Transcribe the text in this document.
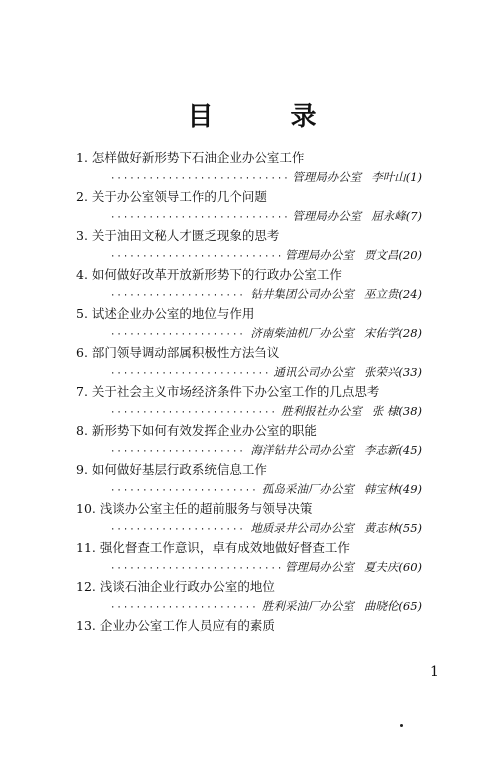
目 录
1. 怎样做好新形势下石油企业办公室工作
·····
管理局办公室 李叶山(1)
2. 关于办公室领导工作的几个问题
·····
管理局办公室 屈永峰(7)
3. 关于油田文秘人才匮乏现象的思考
·····
管理局办公室 贾文昌(20)
4. 如何做好改革开放新形势下的行政办公室工作
·····
钻井集团公司办公室 巫立贵(24)
5. 试述企业办公室的地位与作用
·····
济南柴油机厂办公室 宋佑学(28)
6. 部门领导调动部属积极性方法刍议
·····
通讯公司办公室 张荣兴(33)
7. 关于社会主义市场经济条件下办公室工作的几点思考
·····
胜利报社办公室 张 棣(38)
8. 新形势下如何有效发挥企业办公室的职能
·····
海洋钻井公司办公室 李志新(45)
9. 如何做好基层行政系统信息工作
·····
孤岛采油厂办公室 韩宝林(49)
10. 浅谈办公室主任的超前服务与领导决策
·····
地质录井公司办公室 黄志林(55)
11. 强化督查工作意识，卓有成效地做好督查工作
·····
管理局办公室 夏夫庆(60)
12. 浅谈石油企业行政办公室的地位
·····
胜利采油厂办公室 曲晓伦(65)
13. 企业办公室工作人员应有的素质
1
